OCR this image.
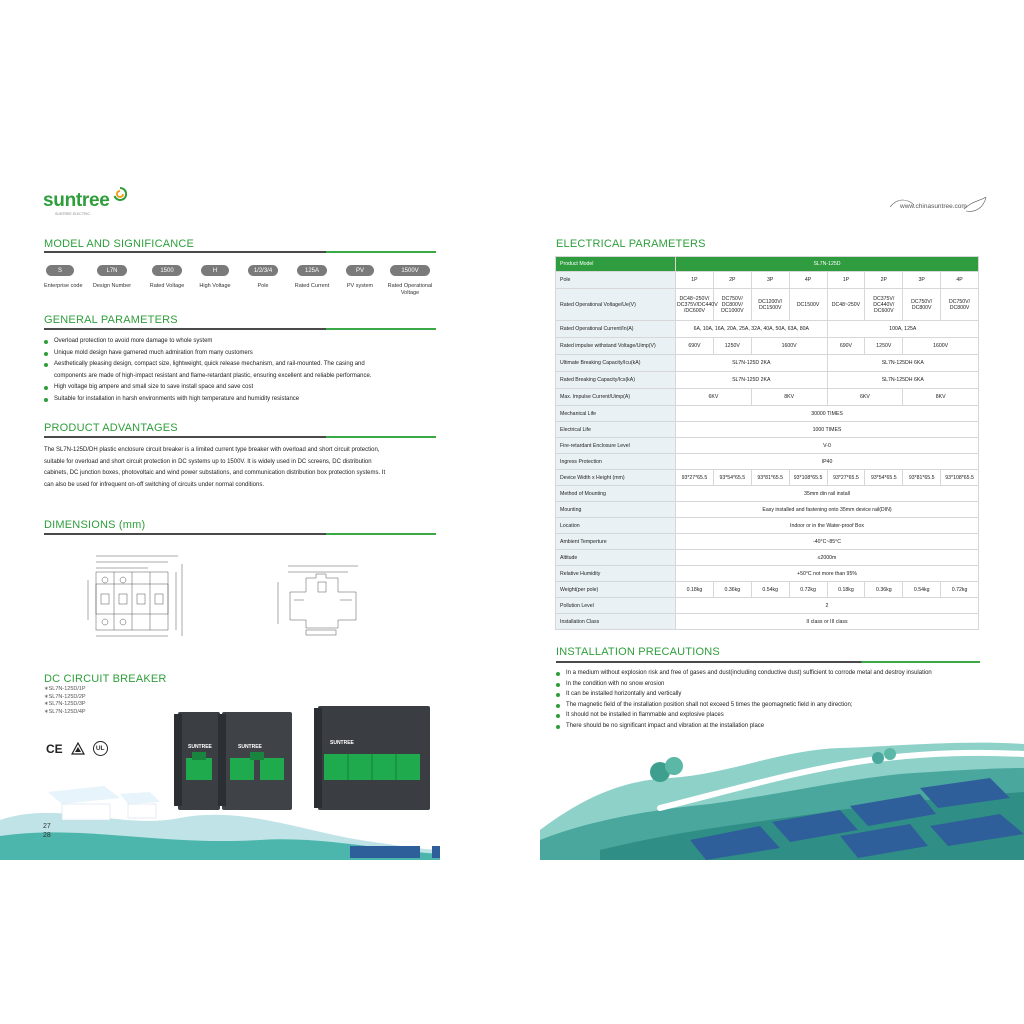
suntree
SUNTREE ELECTRIC
MODEL AND SIGNIFICANCE
S
Enterprise code
L7N
Design Number
1500
Rated Voltage
H
High Voltage
1/2/3/4
Pole
125A
Rated Current
PV
PV system
1500V
Rated Operational Voltage
GENERAL PARAMETERS
Overload protection to avoid more damage to whole system
Unique mold design have garnered much admiration from many customers
Aesthetically pleasing design, compact size, lightweight, quick release mechanism, and rail-mounted. The casing and
components are made of high-impact resistant and flame-retardant plastic, ensuring excellent and reliable performance.
High voltage big ampere and small size to save install space and save cost
Suitable for installation in harsh environments with high temperature and humidity resistance
PRODUCT ADVANTAGES
The SL7N-125D/DH plastic enclosure circuit breaker is a limited current type breaker with overload and short circuit protection,
suitable for overload and short circuit protection in DC systems up to 1500V. It is widely used in DC screens, DC distribution
cabinets, DC junction boxes, photovoltaic and wind power substations, and communication distribution box protection systems. It
can also be used for infrequent on-off switching of circuits under normal conditions.
DIMENSIONS (mm)
DC CIRCUIT BREAKER
∗SL7N-125D/1P
∗SL7N-125D/2P
∗SL7N-125D/3P
∗SL7N-125D/4P
CE	UL	SUNTREE	SUNTREE
SUNTREE
27
28
www.chinasuntree.com
ELECTRICAL PARAMETERS
Product Model	SL7N-125D							
Pole	1P	2P	3P	4P	1P	2P	3P	4P
Rated Operational Voltage/Ue(V)	DC48~250V/ DC375V/DC440V /DC600V	DC750V/ DC800V/ DC1000V	DC1200V/ DC1500V	DC1500V	DC48~250V	DC375V/ DC440V/ DC600V	DC750V/ DC800V	DC750V/ DC800V
Rated Operational Current/In(A)	6A, 10A, 16A, 20A, 25A, 32A, 40A, 50A, 63A, 80A				100A, 125A			
Rated impulse withstand Voltage/Uimp(V)	690V	1250V	1600V		690V	1250V	1600V	
Ultimate Breaking Capacity/Icu(kA)	SL7N-125D 2KA				SL7N-125DH 6KA			
Rated Breaking Capacity/Ics(kA)	SL7N-125D 2KA				SL7N-125DH 6KA			
Max. Impulse Current/Uimp(A)	6KV		8KV		6KV		8KV	
Mechanical Life	30000 TIMES							
Electrical Life	1000 TIMES							
Fire-retardant Enclosure Level	V-0							
Ingress Protection	IP40							
Device Width x Height (mm)	93*27*65.5	93*54*65.5	93*81*65.5	93*108*65.5	93*27*65.5	93*54*65.5	93*81*65.5	93*108*65.5
Method of Mounting	35mm din rail install							
Mounting	Easy installed and fastening onto 35mm device rail(DIN)							
Location	Indoor or in the Water-proof Box							
Ambient Temperture	-40°C~85°C							
Altitude	≤2000m							
Relative Humidity	+50°C not more than 95%							
Weight(per pole)	0.18kg	0.36kg	0.54kg	0.72kg	0.18kg	0.36kg	0.54kg	0.72kg
Pollution Level	2							
Installation Class	II class or III class							
INSTALLATION PRECAUTIONS
In a medium without explosion risk and free of gases and dust(including conductive dust) sufficient to corrode metal and destroy insulation
In the condition with no snow erosion
It can be installed horizontally and vertically
The magnetic field of the installation position shall not exceed 5 times the geomagnetic field in any direction;
It should not be installed in flammable and explosive places
There should be no significant impact and vibration at the installation place
